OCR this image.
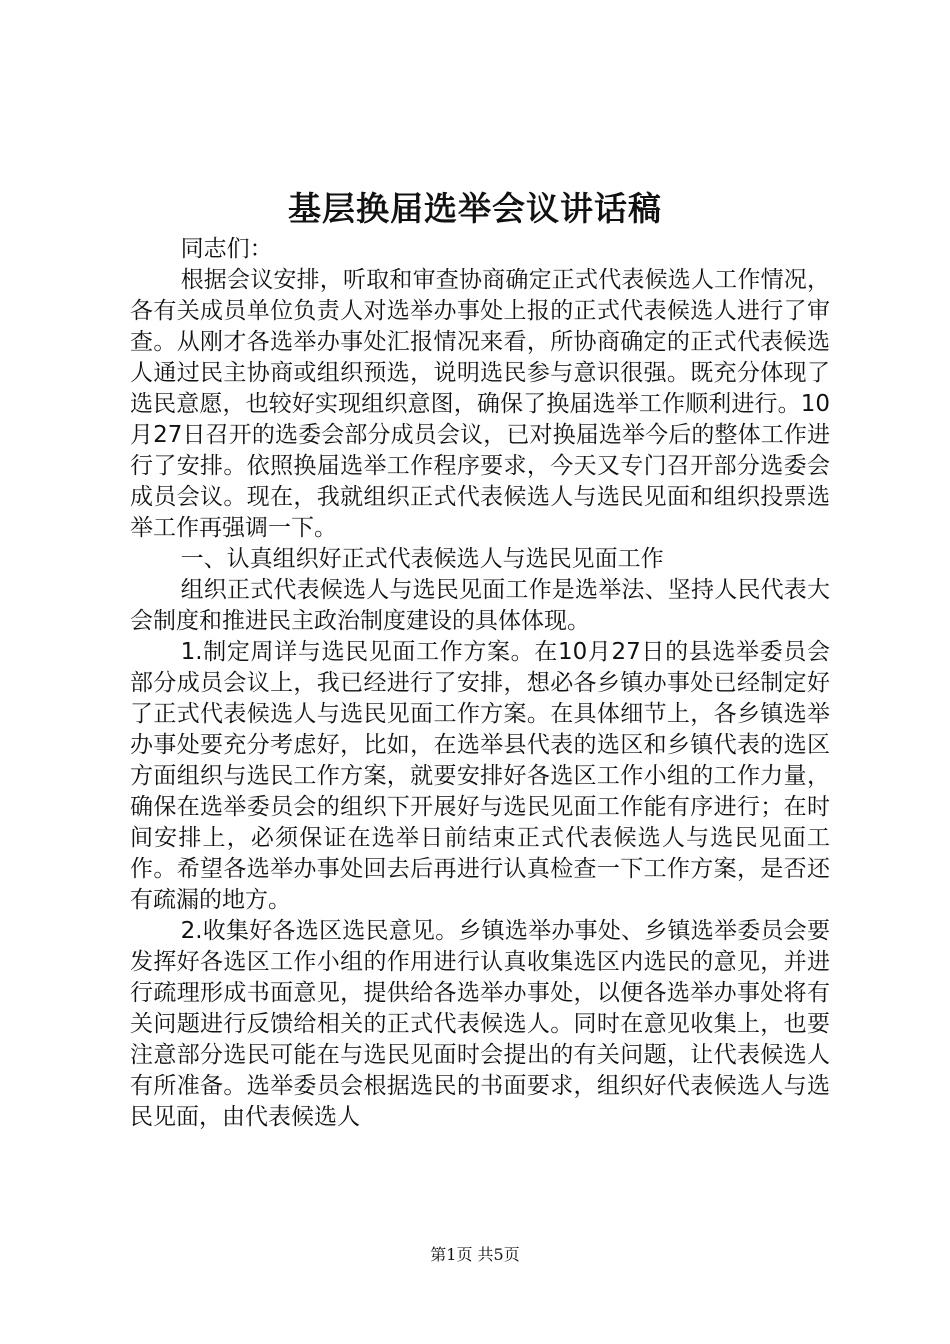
基层换届选举会议讲话稿

同志们：

根据会议安排，听取和审查协商确定正式代表候选人工作情况，各有关成员单位负责人对选举办事处上报的正式代表候选人进行了审查。从刚才各选举办事处汇报情况来看，所协商确定的正式代表候选人通过民主协商或组织预选，说明选民参与意识很强。既充分体现了选民意愿，也较好实现组织意图，确保了换届选举工作顺利进行。10月27日召开的选委会部分成员会议，已对换届选举今后的整体工作进行了安排。依照换届选举工作程序要求，今天又专门召开部分选委会成员会议。现在，我就组织正式代表候选人与选民见面和组织投票选举工作再强调一下。

一、认真组织好正式代表候选人与选民见面工作

组织正式代表候选人与选民见面工作是选举法、坚持人民代表大会制度和推进民主政治制度建设的具体体现。

1.制定周详与选民见面工作方案。在10月27日的县选举委员会部分成员会议上，我已经进行了安排，想必各乡镇办事处已经制定好了正式代表候选人与选民见面工作方案。在具体细节上，各乡镇选举办事处要充分考虑好，比如，在选举县代表的选区和乡镇代表的选区方面组织与选民工作方案，就要安排好各选区工作小组的工作力量，确保在选举委员会的组织下开展好与选民见面工作能有序进行；在时间安排上，必须保证在选举日前结束正式代表候选人与选民见面工作。希望各选举办事处回去后再进行认真检查一下工作方案，是否还有疏漏的地方。

2.收集好各选区选民意见。乡镇选举办事处、乡镇选举委员会要发挥好各选区工作小组的作用进行认真收集选区内选民的意见，并进行疏理形成书面意见，提供给各选举办事处，以便各选举办事处将有关问题进行反馈给相关的正式代表候选人。同时在意见收集上，也要注意部分选民可能在与选民见面时会提出的有关问题，让代表候选人有所准备。选举委员会根据选民的书面要求，组织好代表候选人与选民见面，由代表候选人

第1页 共5页
